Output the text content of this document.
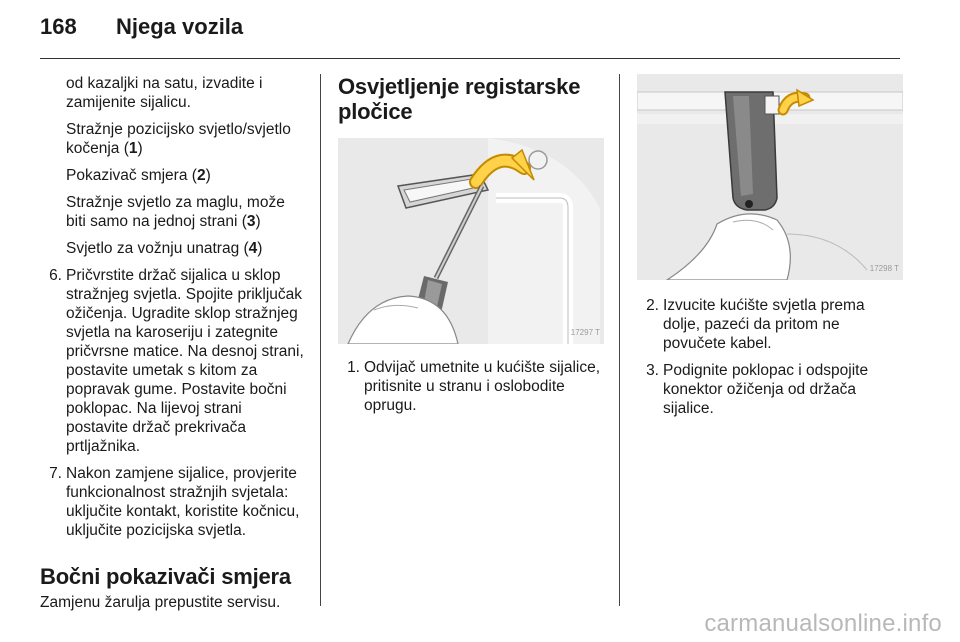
168 Njega vozila

od kazaljki na satu, izvadite i zamijenite sijalicu.

Stražnje pozicijsko svjetlo/svjetlo kočenja (1)

Pokazivač smjera (2)

Stražnje svjetlo za maglu, može biti samo na jednoj strani (3)

Svjetlo za vožnju unatrag (4)

6. Pričvrstite držač sijalica u sklop stražnjeg svjetla. Spojite priključak ožičenja. Ugradite sklop stražnjeg svjetla na karoseriju i zategnite pričvrsne matice. Na desnoj strani, postavite umetak s kitom za popravak gume. Postavite bočni poklopac. Na lijevoj strani postavite držač prekrivača prtljažnika.
7. Nakon zamjene sijalice, provjerite funkcionalnost stražnjih svjetala: uključite kontakt, koristite kočnicu, uključite pozicijska svjetla.
Bočni pokazivači smjera

Zamjenu žarulja prepustite servisu.

Osvjetljenje registarske pločice
17297 T
1. Odvijač umetnite u kućište sijalice, pritisnite u stranu i oslobodite oprugu.
17298 T
2. Izvucite kućište svjetla prema dolje, pazeći da pritom ne povučete kabel.
3. Podignite poklopac i odspojite konektor ožičenja od držača sijalice.
carmanualsonline.info
